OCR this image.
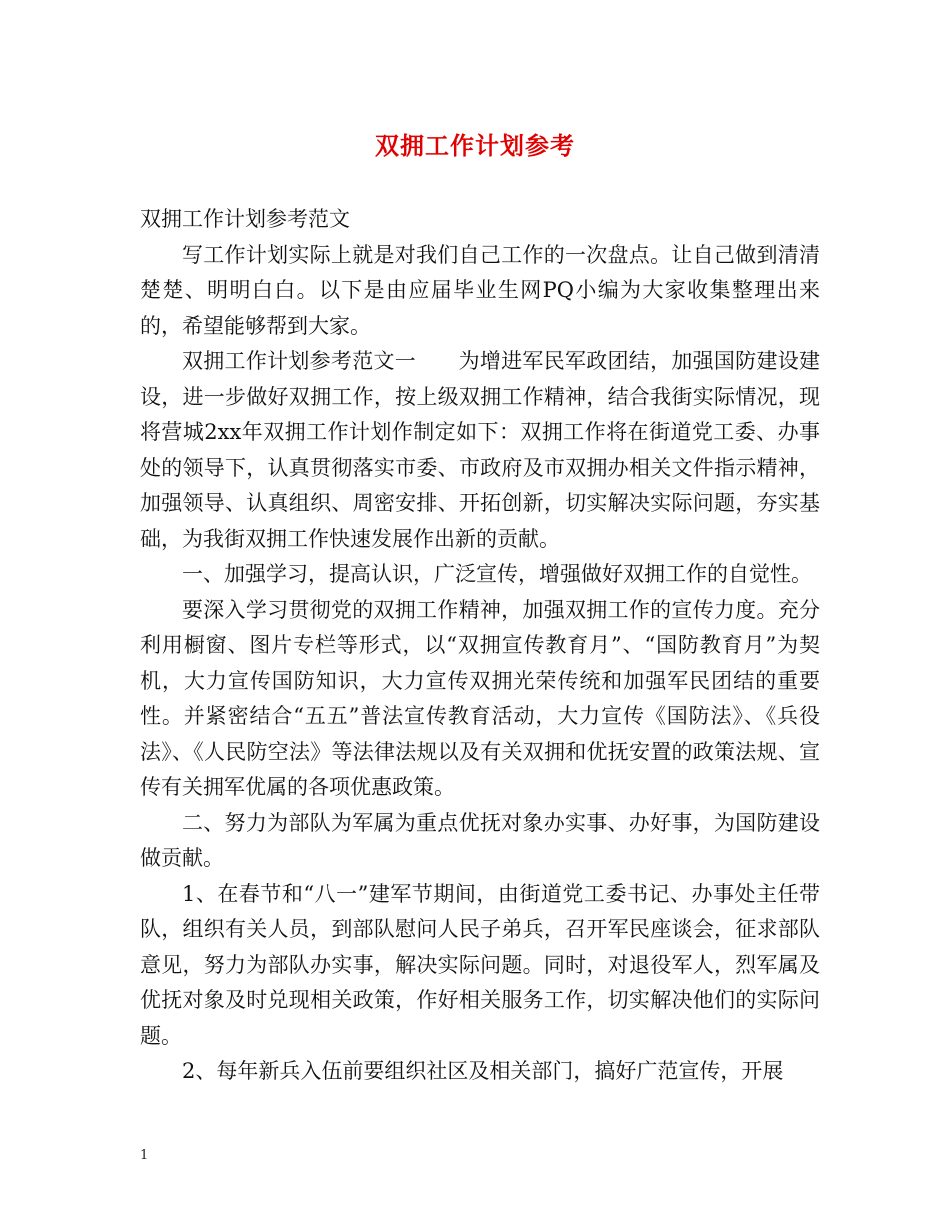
双拥工作计划参考

双拥工作计划参考范文

写工作计划实际上就是对我们自己工作的一次盘点。让自己做到清清楚楚、明明白白。以下是由应届毕业生网PQ小编为大家收集整理出来的，希望能够帮到大家。

双拥工作计划参考范文一　　为增进军民军政团结，加强国防建设建设，进一步做好双拥工作，按上级双拥工作精神，结合我街实际情况，现将营城2xx年双拥工作计划作制定如下：双拥工作将在街道党工委、办事处的领导下，认真贯彻落实市委、市政府及市双拥办相关文件指示精神，加强领导、认真组织、周密安排、开拓创新，切实解决实际问题，夯实基础，为我街双拥工作快速发展作出新的贡献。

一、加强学习，提高认识，广泛宣传，增强做好双拥工作的自觉性。

要深入学习贯彻党的双拥工作精神，加强双拥工作的宣传力度。充分利用橱窗、图片专栏等形式，以“双拥宣传教育月”、“国防教育月”为契机，大力宣传国防知识，大力宣传双拥光荣传统和加强军民团结的重要性。并紧密结合“五五”普法宣传教育活动，大力宣传《国防法》、《兵役法》、《人民防空法》等法律法规以及有关双拥和优抚安置的政策法规、宣传有关拥军优属的各项优惠政策。

二、努力为部队为军属为重点优抚对象办实事、办好事，为国防建设做贡献。

1、在春节和“八一”建军节期间，由街道党工委书记、办事处主任带队，组织有关人员，到部队慰问人民子弟兵，召开军民座谈会，征求部队意见，努力为部队办实事，解决实际问题。同时，对退役军人，烈军属及优抚对象及时兑现相关政策，作好相关服务工作，切实解决他们的实际问题。

2、每年新兵入伍前要组织社区及相关部门，搞好广范宣传，开展

1
